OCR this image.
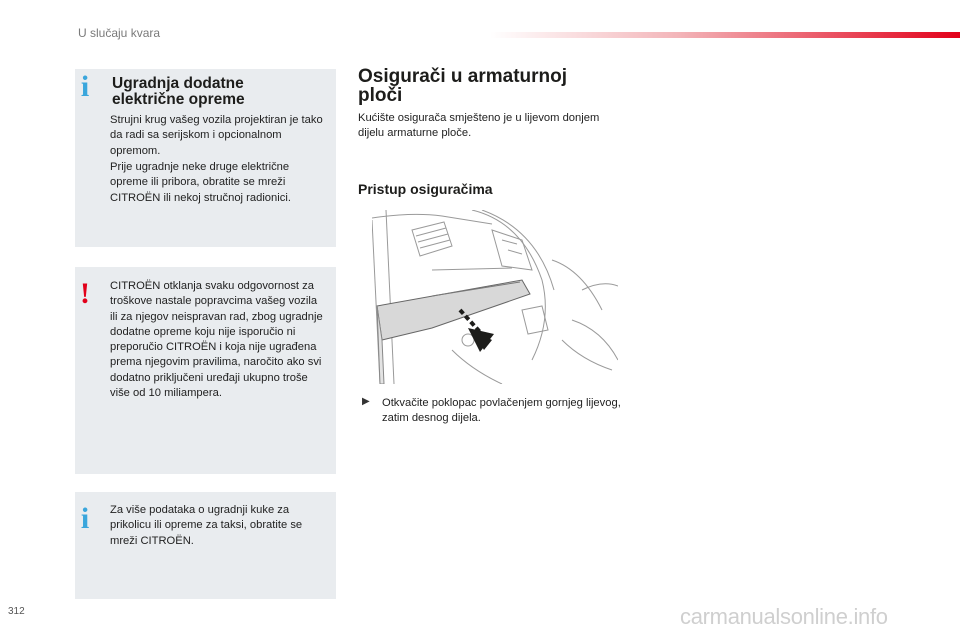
U slučaju kvara
i	Ugradnja dodatne
električne opreme

Strujni krug vašeg vozila projektiran je tako da radi sa serijskom i opcionalnom opremom.

Prije ugradnje neke druge električne opreme ili pribora, obratite se mreži CITROËN ili nekoj stručnoj radionici.

!	CITROËN otklanja svaku odgovornost za troškove nastale popravcima vašeg vozila ili za njegov neispravan rad, zbog ugradnje dodatne opreme koju nije isporučio ni preporučio CITROËN i koja nije ugrađena prema njegovim pravilima, naročito ako svi dodatno priključeni uređaji ukupno troše više od 10 miliampera.

i	Za više podataka o ugradnji kuke za prikolicu ili opreme za taksi, obratite se mreži CITROËN.

Osigurači u armaturnoj
ploči

Kućište osigurača smješteno je u lijevom donjem dijelu armaturne ploče.

Pristup osiguračima
▶ Otkvačite poklopac povlačenjem gornjeg lijevog, zatim desnog dijela.

312	carmanualsonline.info
